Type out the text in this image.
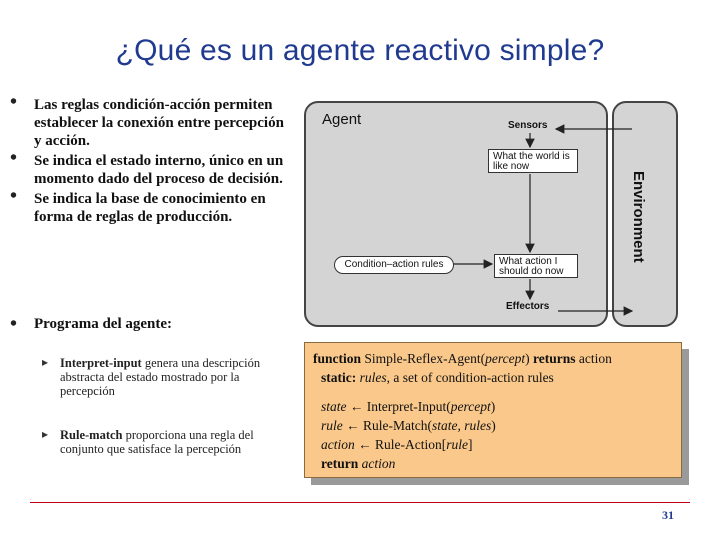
¿Qué es un agente reactivo simple?
• Las reglas condición-acción permiten establecer la conexión entre percepción y acción.
• Se indica el estado interno, único en un momento dado del proceso de decisión.
• Se indica la base de conocimiento en forma de reglas de producción.
• Programa del agente:
▸ Interpret-input genera una descripción abstracta del estado mostrado por la percepción
▸ Rule-match proporciona una regla del conjunto que satisface la percepción
Agent
Environment
Sensors
Effectors
What the world is like now
What action I should do now
Condition–action rules
function Simple-Reflex-Agent(percept) returns action
static: rules, a set of condition-action rules
state ← Interpret-Input(percept)
rule ← Rule-Match(state, rules)
action ← Rule-Action[rule]
return action
31
